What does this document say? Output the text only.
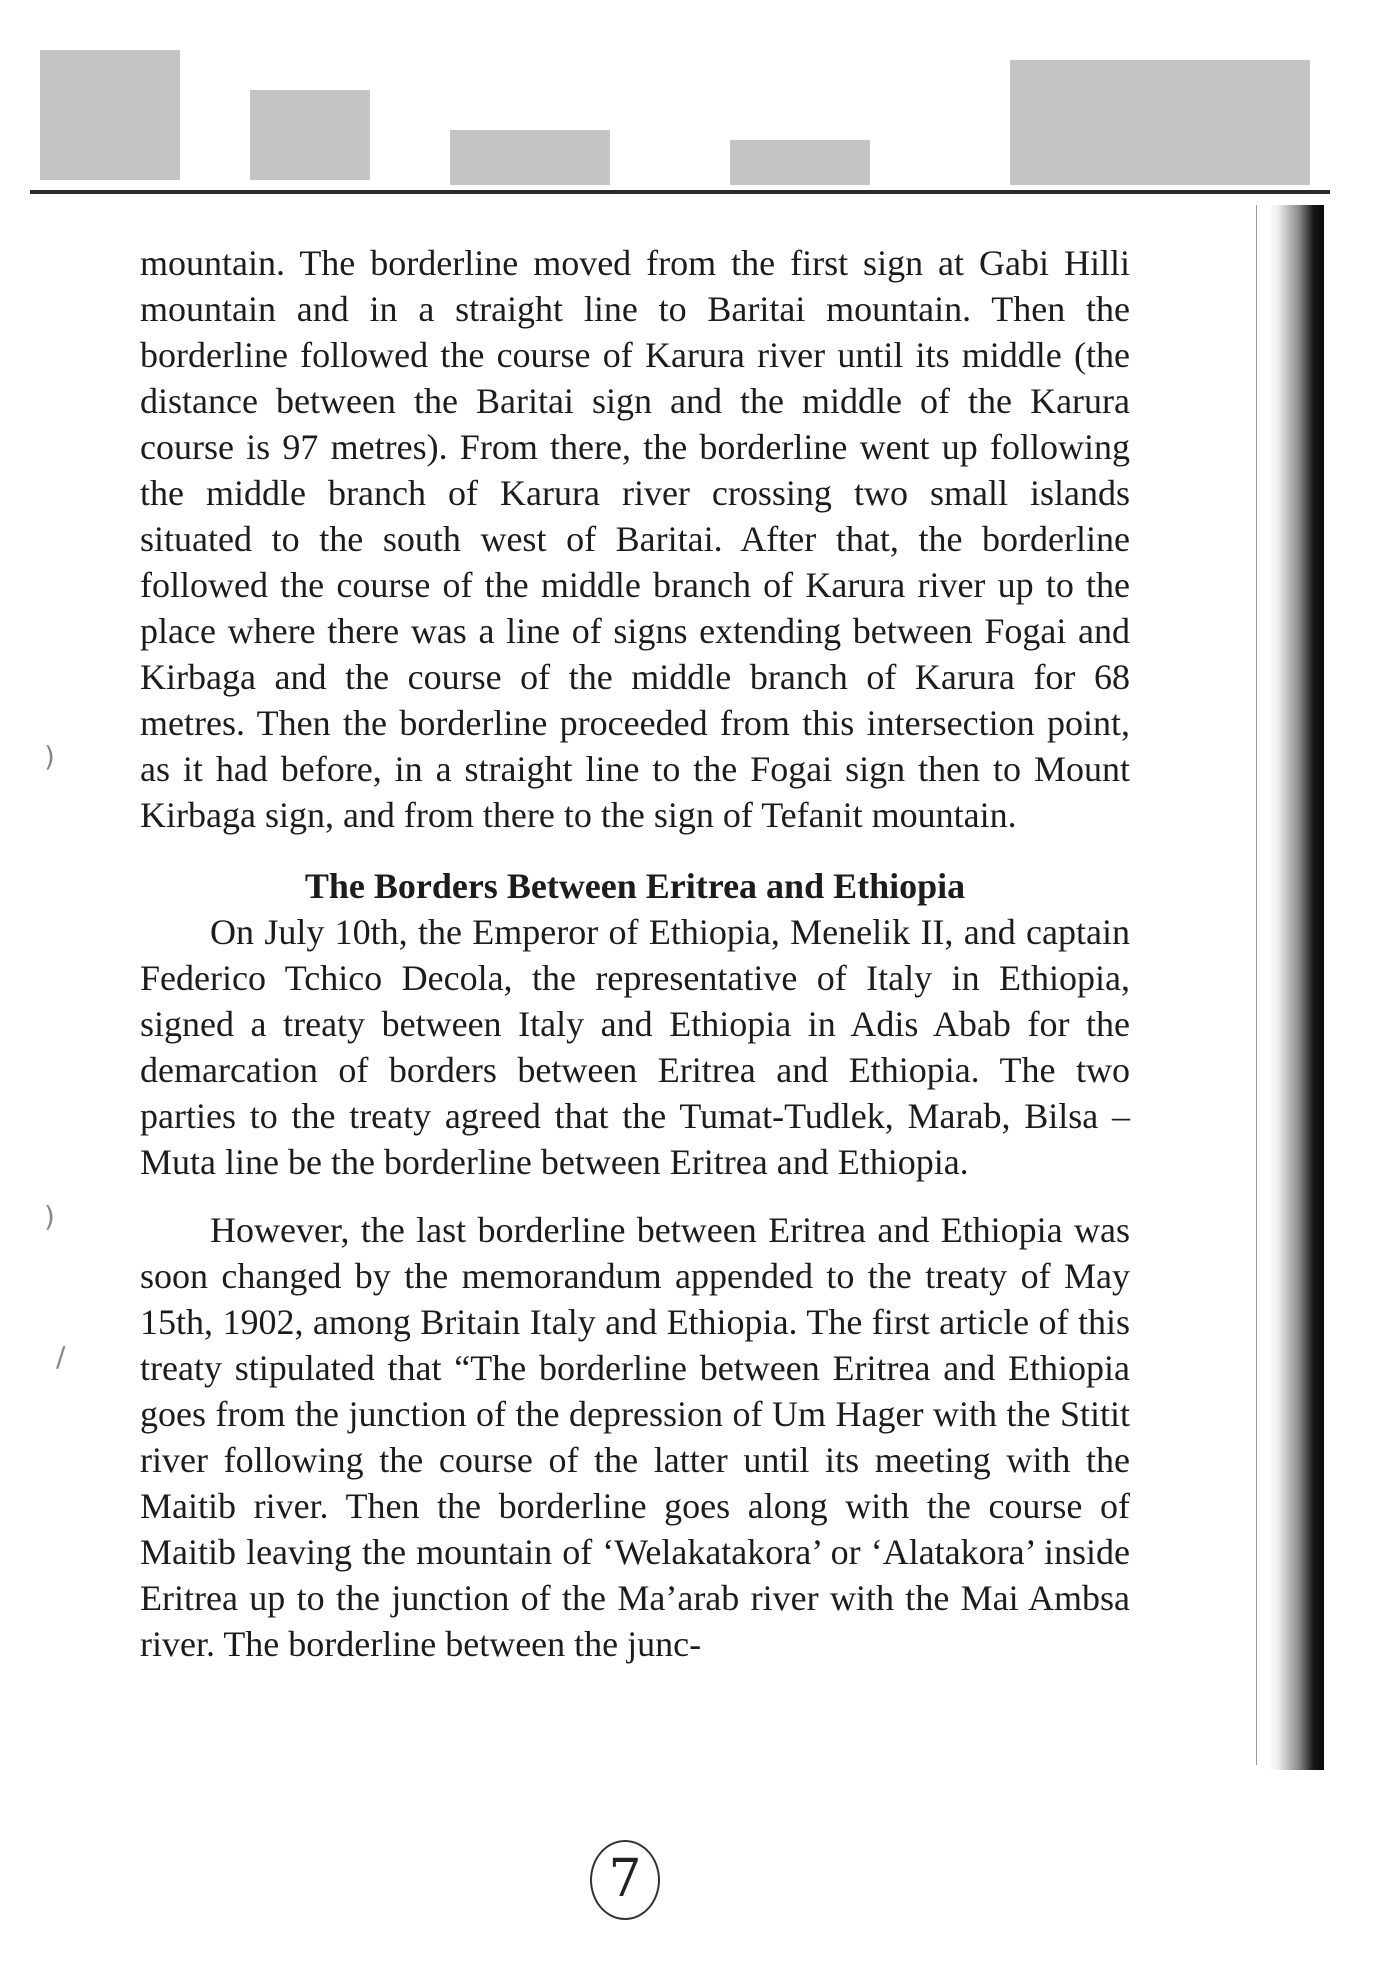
mountain. The borderline moved from the first sign at Gabi Hilli mountain and in a straight line to Baritai mountain. Then the borderline followed the course of Karura river until its middle (the distance between the Baritai sign and the middle of the Karura course is 97 metres). From there, the borderline went up following the middle branch of Karura river crossing two small islands situated to the south west of Baritai. After that, the borderline followed the course of the middle branch of Karura river up to the place where there was a line of signs extending between Fogai and Kirbaga and the course of the middle branch of Karura for 68 metres. Then the borderline proceeded from this intersection point, as it had before, in a straight line to the Fogai sign then to Mount Kirbaga sign, and from there to the sign of Tefanit mountain.

The Borders Between Eritrea and Ethiopia

On July 10th, the Emperor of Ethiopia, Menelik II, and captain Federico Tchico Decola, the representative of Italy in Ethiopia, signed a treaty between Italy and Ethiopia in Adis Abab for the demarcation of borders between Eritrea and Ethiopia. The two parties to the treaty agreed that the Tumat-Tudlek, Marab, Bilsa – Muta line be the borderline between Eritrea and Ethiopia.

However, the last borderline between Eritrea and Ethiopia was soon changed by the memorandum appended to the treaty of May 15th, 1902, among Britain Italy and Ethiopia. The first article of this treaty stipulated that “The borderline between Eritrea and Ethiopia goes from the junction of the depression of Um Hager with the Stitit river following the course of the latter until its meeting with the Maitib river. Then the borderline goes along with the course of Maitib leaving the mountain of ‘Welakatakora’ or ‘Alatakora’ inside Eritrea up to the junction of the Ma’arab river with the Mai Ambsa river. The borderline between the junc-

)
)
/
7
